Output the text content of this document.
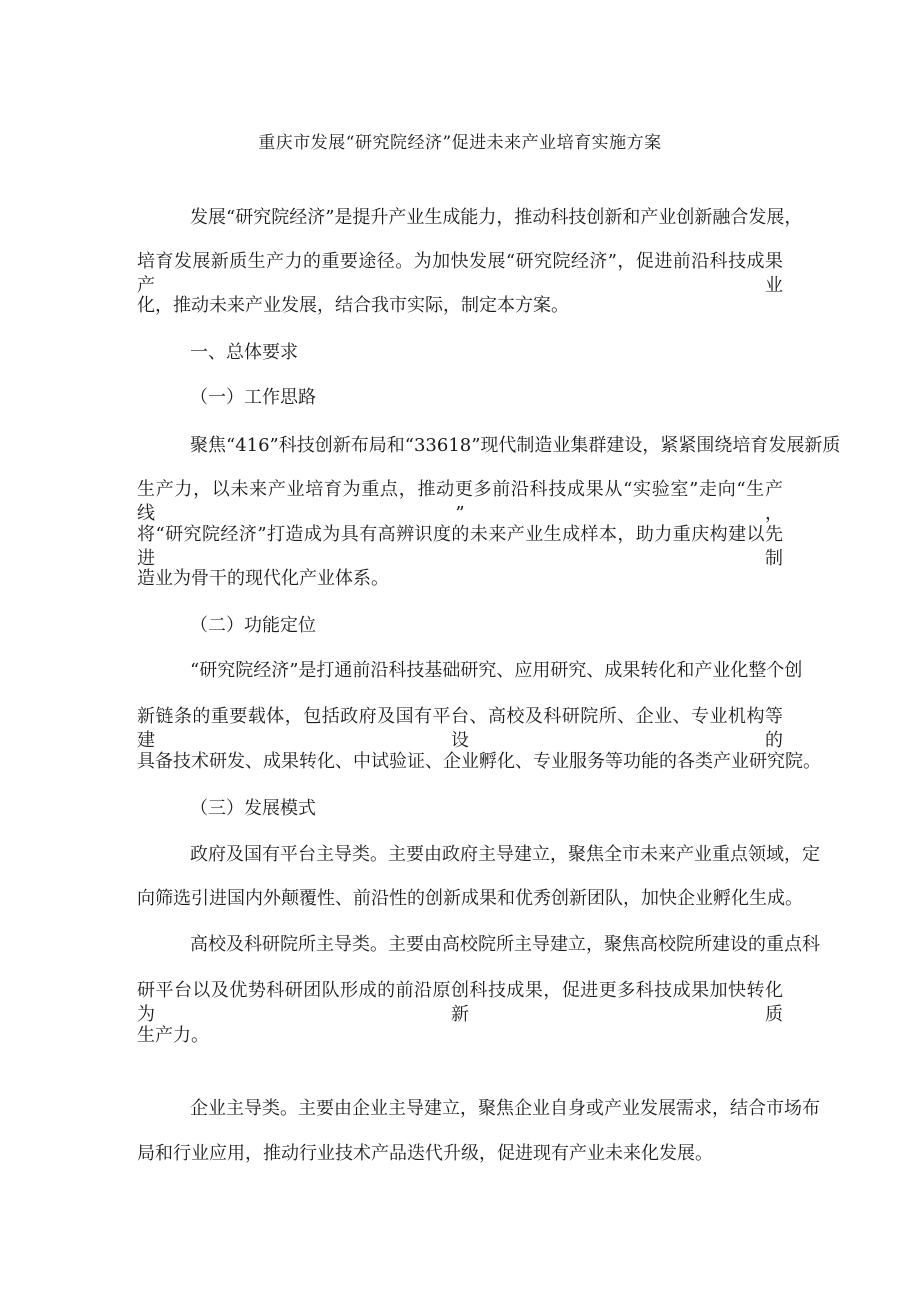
重庆市发展“研究院经济”促进未来产业培育实施方案
发展“研究院经济”是提升产业生成能力，推动科技创新和产业创新融合发展，
培育发展新质生产力的重要途径。为加快发展“研究院经济”，促进前沿科技成果产业
化，推动未来产业发展，结合我市实际，制定本方案。
一、总体要求
（一）工作思路
聚焦“416”科技创新布局和“33618”现代制造业集群建设，紧紧围绕培育发展新质
生产力，以未来产业培育为重点，推动更多前沿科技成果从“实验室”走向“生产线”，
将“研究院经济”打造成为具有高辨识度的未来产业生成样本，助力重庆构建以先进制
造业为骨干的现代化产业体系。
（二）功能定位
“研究院经济”是打通前沿科技基础研究、应用研究、成果转化和产业化整个创
新链条的重要载体，包括政府及国有平台、高校及科研院所、企业、专业机构等建设的
具备技术研发、成果转化、中试验证、企业孵化、专业服务等功能的各类产业研究院。
（三）发展模式
政府及国有平台主导类。主要由政府主导建立，聚焦全市未来产业重点领域，定
向筛选引进国内外颠覆性、前沿性的创新成果和优秀创新团队，加快企业孵化生成。
高校及科研院所主导类。主要由高校院所主导建立，聚焦高校院所建设的重点科
研平台以及优势科研团队形成的前沿原创科技成果，促进更多科技成果加快转化为新质
生产力。
企业主导类。主要由企业主导建立，聚焦企业自身或产业发展需求，结合市场布
局和行业应用，推动行业技术产品迭代升级，促进现有产业未来化发展。
